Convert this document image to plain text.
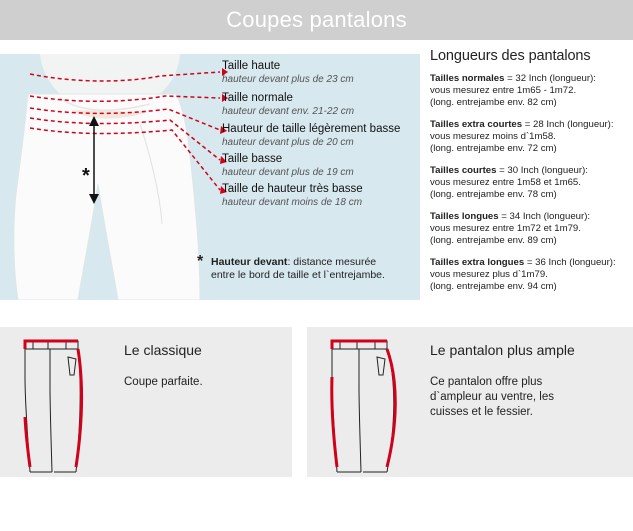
Coupes pantalons
*
Taille haute
hauteur devant plus de 23 cm
Taille normale
hauteur devant env. 21-22 cm
Hauteur de taille légèrement basse
hauteur devant plus de 20 cm
Taille basse
hauteur devant plus de 19 cm
Taille de hauteur très basse
hauteur devant moins de 18 cm
* Hauteur devant: distance mesurée
entre le bord de taille et l`entrejambe.
Longueurs des pantalons
Tailles normales = 32 Inch (longueur):
vous mesurez entre 1m65 - 1m72.
(long. entrejambe env. 82 cm)
Tailles extra courtes = 28 Inch (longueur):
vous mesurez moins d`1m58.
(long. entrejambe env. 72 cm)
Tailles courtes = 30 Inch (longueur):
vous mesurez entre 1m58 et 1m65.
(long. entrejambe env. 78 cm)
Tailles longues = 34 Inch (longueur):
vous mesurez entre 1m72 et 1m79.
(long. entrejambe env. 89 cm)
Tailles extra longues = 36 Inch (longueur):
vous mesurez plus d`1m79.
(long. entrejambe env. 94 cm)
Le classique

Coupe parfaite.

Le pantalon plus ample

Ce pantalon offre plus
d`ampleur au ventre, les
cuisses et le fessier.
